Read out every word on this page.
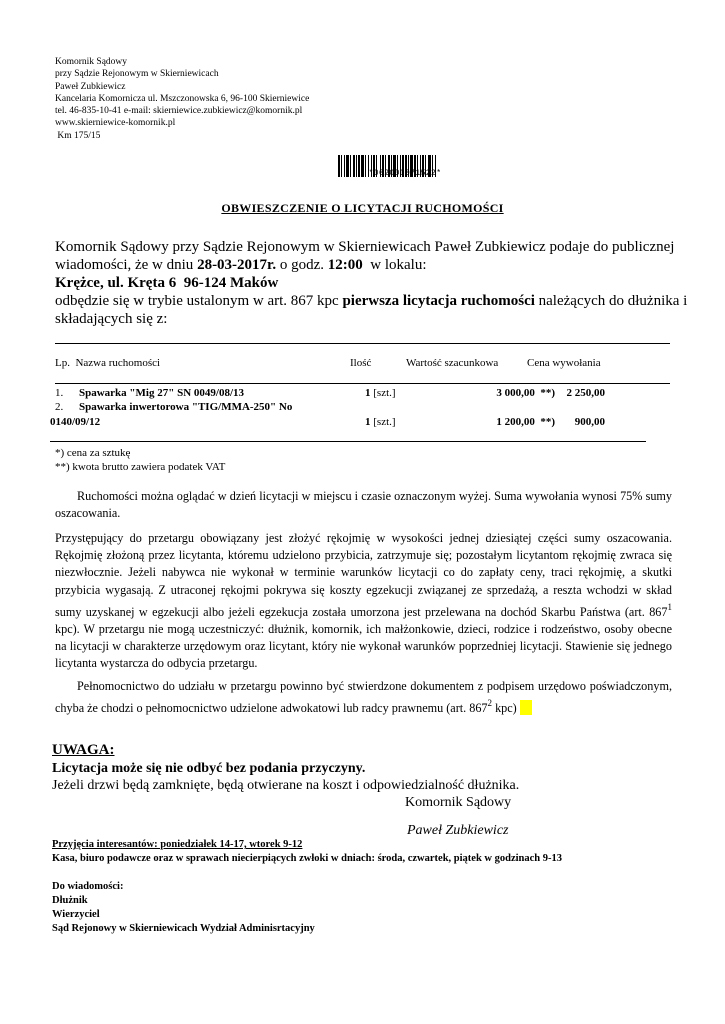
Komornik Sądowy
przy Sądzie Rejonowym w Skierniewicach
Paweł Zubkiewicz
Kancelaria Komornicza ul. Mszczonowska 6, 96-100 Skierniewice
tel. 46-835-10-41 e-mail: skierniewice.zubkiewicz@komornik.pl
www.skierniewice-komornik.pl
Km 175/15
*002000071522*
OBWIESZCZENIE O LICYTACJI RUCHOMOŚCI
Komornik Sądowy przy Sądzie Rejonowym w Skierniewicach Paweł Zubkiewicz podaje do publicznej
wiadomości, że w dniu 28-03-2017r. o godz. 12:00  w lokalu:
Krężce, ul. Kręta 6  96-124 Maków
odbędzie się w trybie ustalonym w art. 867 kpc pierwsza licytacja ruchomości należących do dłużnika i
składających się z:
Lp.  Nazwa ruchomości	Ilość	Wartość szacunkowa	Cena wywołania
1. Spawarka "Mig 27" SN 0049/08/13	1 [szt.]	3 000,00  **)	2 250,00
2. Spawarka inwertorowa "TIG/MMA-250" No
0140/09/12	1 [szt.]	1 200,00  **)	900,00
*) cena za sztukę
**) kwota brutto zawiera podatek VAT
Ruchomości można oglądać w dzień licytacji w miejscu i czasie oznaczonym wyżej. Suma wywołania wynosi 75% sumy oszacowania.
Przystępujący do przetargu obowiązany jest złożyć rękojmię w wysokości jednej dziesiątej części sumy oszacowania. Rękojmię złożoną przez licytanta, któremu udzielono przybicia, zatrzymuje się; pozostałym licytantom rękojmię zwraca się niezwłocznie. Jeżeli nabywca nie wykonał w terminie warunków licytacji co do zapłaty ceny, traci rękojmię, a skutki przybicia wygasają. Z utraconej rękojmi pokrywa się koszty egzekucji związanej ze sprzedażą, a reszta wchodzi w skład sumy uzyskanej w egzekucji albo jeżeli egzekucja została umorzona jest przelewana na dochód Skarbu Państwa (art. $867^1$ kpc). W przetargu nie mogą uczestniczyć: dłużnik, komornik, ich małżonkowie, dzieci, rodzice i rodzeństwo, osoby obecne na licytacji w charakterze urzędowym oraz licytant, który nie wykonał warunków poprzedniej licytacji. Stawienie się jednego licytanta wystarcza do odbycia przetargu.
Pełnomocnictwo do udziału w przetargu powinno być stwierdzone dokumentem z podpisem urzędowo poświadczonym, chyba że chodzi o pełnomocnictwo udzielone adwokatowi lub radcy prawnemu (art. $867^2$ kpc)
UWAGA:
Licytacja może się nie odbyć bez podania przyczyny.
Jeżeli drzwi będą zamknięte, będą otwierane na koszt i odpowiedzialność dłużnika.
Komornik Sądowy
Paweł Zubkiewicz
Przyjęcia interesantów: poniedziałek 14-17, wtorek 9-12
Kasa, biuro podawcze oraz w sprawach niecierpiących zwłoki w dniach: środa, czwartek, piątek w godzinach 9-13
Do wiadomości:
Dłużnik
Wierzyciel
Sąd Rejonowy w Skierniewicach Wydział Adminisrtacyjny
